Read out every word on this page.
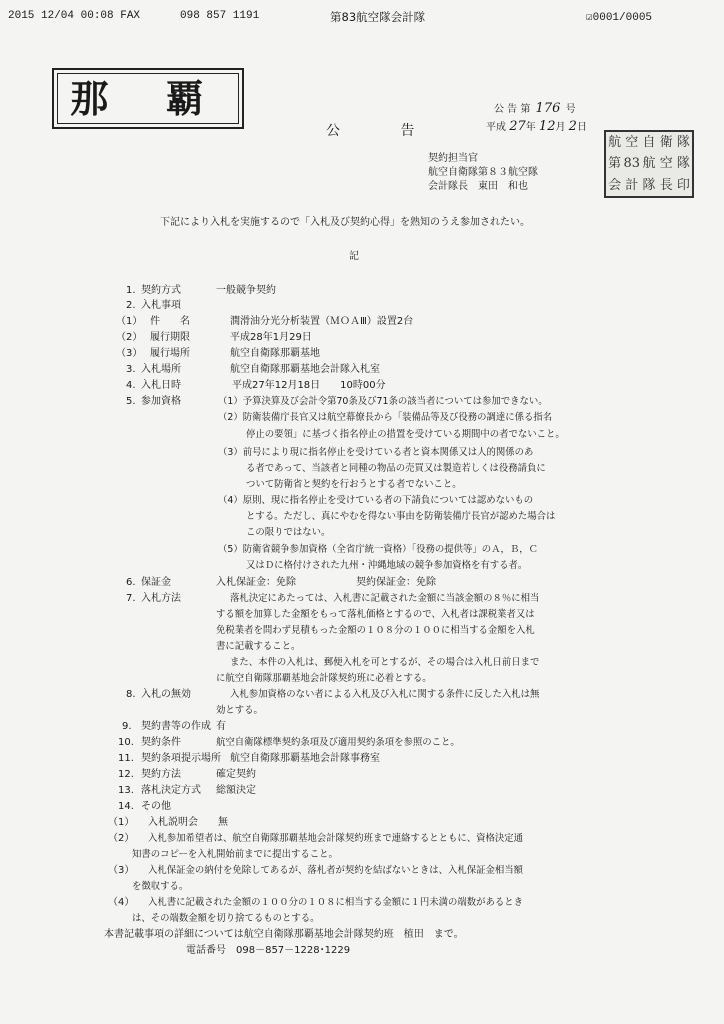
2015 12/04 00:08 FAX	098 857 1191	第83航空隊会計隊	☑0001/0005
那 覇	公 告 第 176 号
平成 27年 12月 2日
公 告
契約担当官
航空自衛隊第８３航空隊
会計隊長　東田　和也
航 空 自 衛 隊
第 83 航 空 隊
会 計 隊 長 印
下記により入札を実施するので「入札及び契約心得」を熟知のうえ参加されたい。
記
1. 契約方式	一般競争契約
2. 入札事項
（1） 件　　名	潤滑油分光分析装置（ＭＯＡⅢ）設置2台
（2） 履行期限	平成28年1月29日
（3） 履行場所	航空自衛隊那覇基地
3. 入札場所	航空自衛隊那覇基地会計隊入札室
4. 入札日時	平成27年12月18日　　10時00分
5. 参加資格	（1）予算決算及び会計令第70条及び71条の該当者については参加できない。
（2）防衛装備庁長官又は航空幕僚長から「装備品等及び役務の調達に係る指名
停止の要領」に基づく指名停止の措置を受けている期間中の者でないこと。
（3）前号により現に指名停止を受けている者と資本関係又は人的関係のあ
る者であって、当該者と同種の物品の売買又は製造若しくは役務請負に
ついて防衛省と契約を行おうとする者でないこと。
（4）原則、現に指名停止を受けている者の下請負については認めないもの
とする。ただし、真にやむを得ない事由を防衛装備庁長官が認めた場合は
この限りではない。
（5）防衛省競争参加資格（全省庁統一資格）「役務の提供等」のＡ，Ｂ，Ｃ
又はＤに格付けされた九州・沖縄地域の競争参加資格を有する者。
6. 保証金	入札保証金：免除	契約保証金：免除
7. 入札方法	落札決定にあたっては、入札書に記載された金額に当該金額の８％に相当
する額を加算した金額をもって落札価格とするので、入札者は課税業者又は
免税業者を問わず見積もった金額の１０８分の１００に相当する金額を入札
書に記載すること。
また、本件の入札は、郵便入札を可とするが、その場合は入札日前日まで
に航空自衛隊那覇基地会計隊契約班に必着とする。
8. 入札の無効	入札参加資格のない者による入札及び入札に関する条件に反した入札は無
効とする。
9. 契約書等の作成 有
10. 契約条件	航空自衛隊標準契約条項及び適用契約条項を参照のこと。
11. 契約条項提示場所 航空自衛隊那覇基地会計隊事務室
12. 契約方法	確定契約
13. 落札決定方式 総額決定
14. その他
（1） 入札説明会　　無
（2） 入札参加希望者は、航空自衛隊那覇基地会計隊契約班まで連絡するとともに、資格決定通
知書のコピーを入札開始前までに提出すること。
（3） 入札保証金の納付を免除してあるが、落札者が契約を結ばないときは、入札保証金相当額
を徴収する。
（4） 入札書に記載された金額の１００分の１０８に相当する金額に１円未満の端数があるとき
は、その端数金額を切り捨てるものとする。
本書記載事項の詳細については航空自衛隊那覇基地会計隊契約班　植田　まで。
電話番号　098－857－1228･1229
